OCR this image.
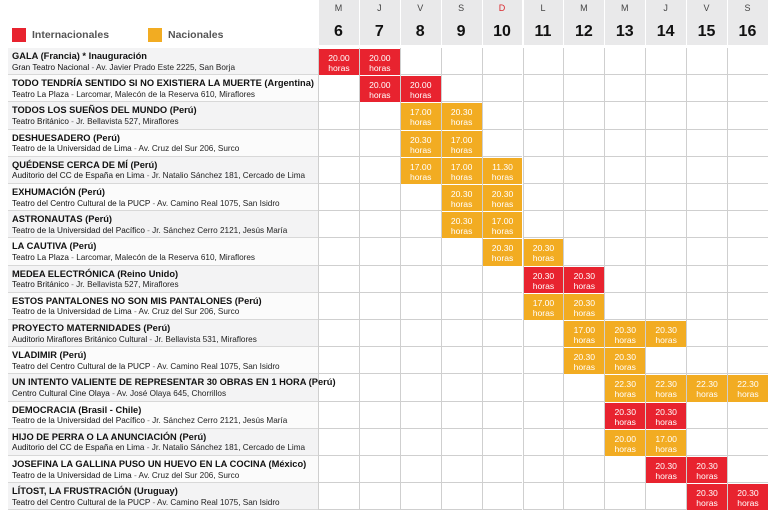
Internacionales	Nacionales
M
6
J
7
V
8
S
9
D
10
L
11
M
12
M
13
J
14
V
15
S
16
GALA (Francia) * Inauguración
Gran Teatro Nacional - Av. Javier Prado Este 2225, San Borja
20.00
horas
20.00
horas
TODO TENDRÍA SENTIDO SI NO EXISTIERA LA MUERTE (Argentina)
Teatro La Plaza - Larcomar, Malecón de la Reserva 610, Miraflores
20.00
horas
20.00
horas
TODOS LOS SUEÑOS DEL MUNDO (Perú)
Teatro Británico - Jr. Bellavista 527, Miraflores
17.00
horas
20.30
horas
DESHUESADERO (Perú)
Teatro de la Universidad de Lima - Av. Cruz del Sur 206, Surco
20.30
horas
17.00
horas
QUÉDENSE CERCA DE MÍ (Perú)
Auditorio del CC de España en Lima - Jr. Natalio Sánchez 181, Cercado de Lima
17.00
horas
17.00
horas
11.30
horas
EXHUMACIÓN (Perú)
Teatro del Centro Cultural de la PUCP - Av. Camino Real 1075, San Isidro
20.30
horas
20.30
horas
ASTRONAUTAS (Perú)
Teatro de la Universidad del Pacífico - Jr. Sánchez Cerro 2121, Jesús María
20.30
horas
17.00
horas
LA CAUTIVA (Perú)
Teatro La Plaza - Larcomar, Malecón de la Reserva 610, Miraflores
20.30
horas
20.30
horas
MEDEA ELECTRÓNICA (Reino Unido)
Teatro Británico - Jr. Bellavista 527, Miraflores
20.30
horas
20.30
horas
ESTOS PANTALONES NO SON MIS PANTALONES (Perú)
Teatro de la Universidad de Lima - Av. Cruz del Sur 206, Surco
17.00
horas
20.30
horas
PROYECTO MATERNIDADES (Perú)
Auditorio Miraflores Británico Cultural - Jr. Bellavista 531, Miraflores
17.00
horas
20.30
horas
20.30
horas
VLADIMIR (Perú)
Teatro del Centro Cultural de la PUCP - Av. Camino Real 1075, San Isidro
20.30
horas
20.30
horas
UN INTENTO VALIENTE DE REPRESENTAR 30 OBRAS EN 1 HORA (Perú)
Centro Cultural Cine Olaya - Av. José Olaya 645, Chorrillos
22.30
horas
22.30
horas
22.30
horas
22.30
horas
DEMOCRACIA (Brasil - Chile)
Teatro de la Universidad del Pacífico - Jr. Sánchez Cerro 2121, Jesús María
20.30
horas
20.30
horas
HIJO DE PERRA O LA ANUNCIACIÓN (Perú)
Auditorio del CC de España en Lima - Jr. Natalio Sánchez 181, Cercado de Lima
20.00
horas
17.00
horas
JOSEFINA LA GALLINA PUSO UN HUEVO EN LA COCINA (México)
Teatro de la Universidad de Lima - Av. Cruz del Sur 206, Surco
20.30
horas
20.30
horas
LÍTOST, LA FRUSTRACIÓN (Uruguay)
Teatro del Centro Cultural de la PUCP - Av. Camino Real 1075, San Isidro
20.30
horas
20.30
horas
